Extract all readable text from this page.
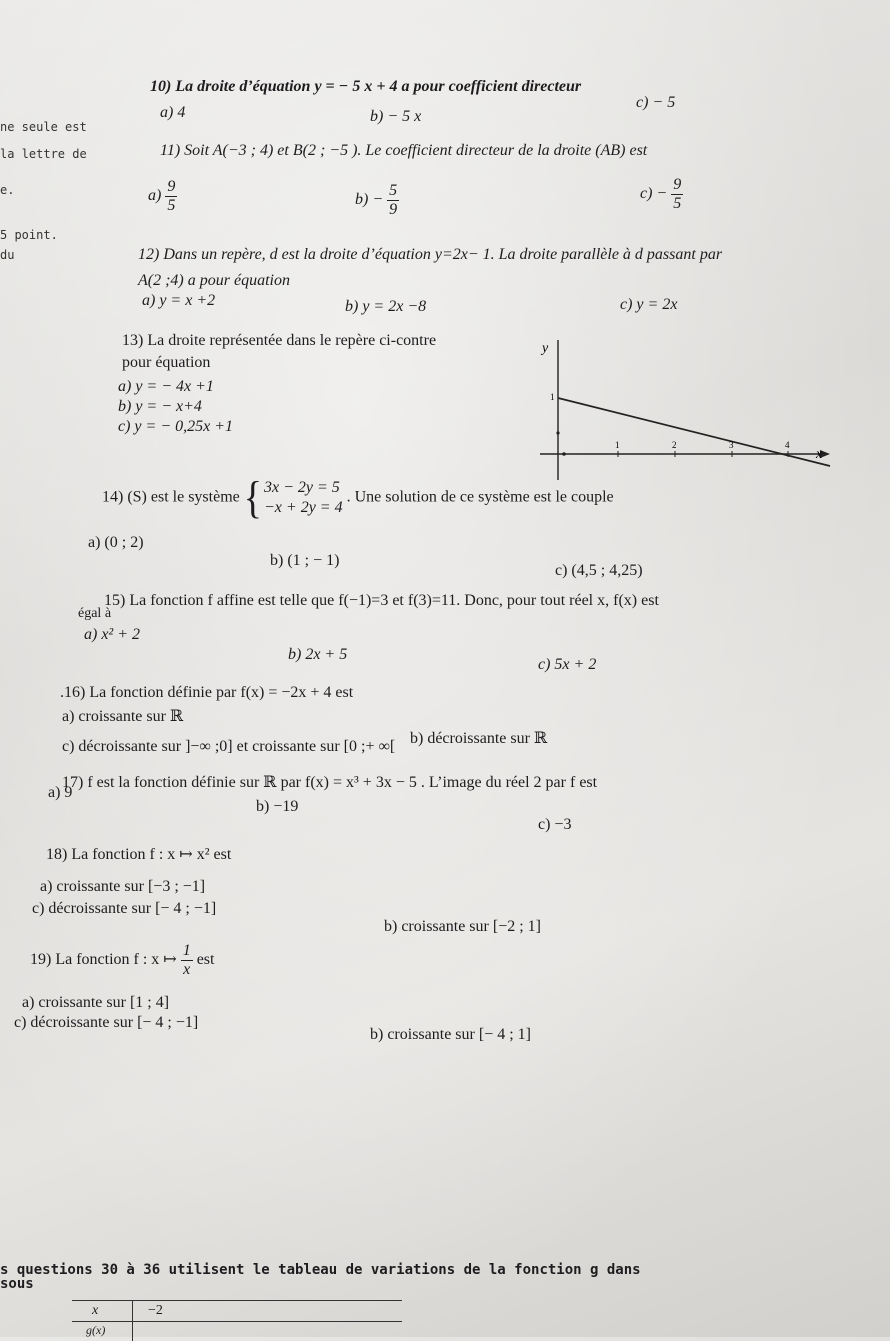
ne seule est
la lettre de
e.
5 point.
du
10) La droite d’équation y = − 5 x + 4 a pour coefficient directeur
a) 4	b) − 5 x
c) − 5
11) Soit A(−3 ; 4) et B(2 ; −5 ). Le coefficient directeur de la droite (AB) est
$a) \frac{9}{5}$	$b) - \frac{5}{9}$	$c) - \frac{9}{5}$
12) Dans un repère, d est la droite d’équation y=2x− 1. La droite parallèle à d passant par
A(2 ;4) a pour équation
a) y = x +2	b) y = 2x −8	c) y = 2x
13) La droite représentée dans le repère ci-contre
pour équation
a) y = − 4x +1
b) y = − x+4
c) y = − 0,25x +1
y
x
1
1	2	3	4
14) (S) est le système { 3x − 2y = 5
−x + 2y = 4
. Une solution de ce système est le couple
a) (0 ; 2)
b) (1 ; − 1)
c) (4,5 ; 4,25)
15) La fonction f affine est telle que f(−1)=3 et f(3)=11. Donc, pour tout réel x, f(x) est
égal à
a) x² + 2
b) 2x + 5
c) 5x + 2
.16) La fonction définie par f(x) = −2x + 4 est
a) croissante sur ℝ
b) décroissante sur ℝ
c) décroissante sur ]−∞ ;0] et croissante sur [0 ;+ ∞[
17) f est la fonction définie sur ℝ par f(x) = x³ + 3x − 5 . L’image du réel 2 par f est
a) 9
b) −19
c) −3
18) La fonction f : x ↦ x² est
a) croissante sur [−3 ; −1]
b) croissante sur [−2 ; 1]
c) décroissante sur [− 4 ; −1]
19) La fonction f : x ↦ $\frac{1}{x}$ est
a) croissante sur [1 ; 4]
b) croissante sur [− 4 ; 1]
c) décroissante sur [− 4 ; −1]
s questions 30 à 36 utilisent le tableau de variations de la fonction g dans
sous
x	−2
g(x)
